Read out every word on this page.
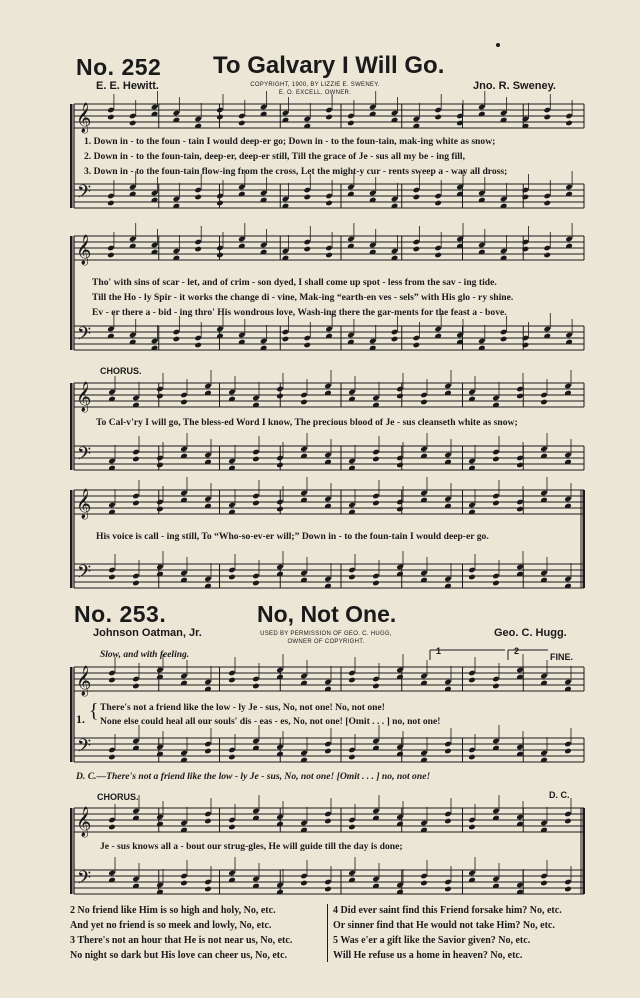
No. 252 To Galvary I Will Go.
E. E. Hewitt.	COPYRIGHT, 1900, BY LIZZIE E. SWENEY.
E. O. EXCELL, OWNER.
Jno. R. Sweney.
𝄞
𝄢
𝄞
𝄢
𝄞
𝄢
𝄞
𝄢
𝄞
𝄢
𝄞
𝄢
1. Down in - to the foun - tain I would deep-er go; Down in - to the foun-tain, mak-ing white as snow;
2. Down in - to the foun-tain, deep-er, deep-er still, Till the grace of Je - sus all my be - ing fill,
3. Down in - to the foun-tain flow-ing from the cross, Let the might-y cur - rents sweep a - way all dross;
Tho' with sins of scar - let, and of crim - son dyed, I shall come up spot - less from the sav - ing tide.
Till the Ho - ly Spir - it works the change di - vine, Mak-ing “earth-en ves - sels” with His glo - ry shine.
Ev - er there a - bid - ing thro' His wondrous love, Wash-ing there the gar-ments for the feast a - bove.
CHORUS.
To Cal-v'ry I will go, The bless-ed Word I know, The precious blood of Je - sus cleanseth white as snow;
His voice is call - ing still, To “Who-so-ev-er will;” Down in - to the foun-tain I would deep-er go.
No. 253.	No, Not One.
Johnson Oatman, Jr.	USED BY PERMISSION OF GEO. C. HUGG,
OWNER OF COPYRIGHT.
Geo. C. Hugg.
Slow, and with feeling.	1	2
FINE.
1. { There's not a friend like the low - ly Je - sus, No, not one! No, not one!
None else could heal all our souls' dis - eas - es, No, not one! [Omit . . . ] no, not one!
D. C.—There's not a friend like the low - ly Je - sus, No, not one! [Omit . . . ] no, not one!
CHORUS.	D. C.
Je - sus knows all a - bout our strug-gles, He will guide till the day is done;
2 No friend like Him is so high and holy, No, etc.
And yet no friend is so meek and lowly, No, etc.
3 There's not an hour that He is not near us, No, etc.
No night so dark but His love can cheer us, No, etc.
4 Did ever saint find this Friend forsake him? No, etc.
Or sinner find that He would not take Him? No, etc.
5 Was e'er a gift like the Savior given? No, etc.
Will He refuse us a home in heaven? No, etc.
